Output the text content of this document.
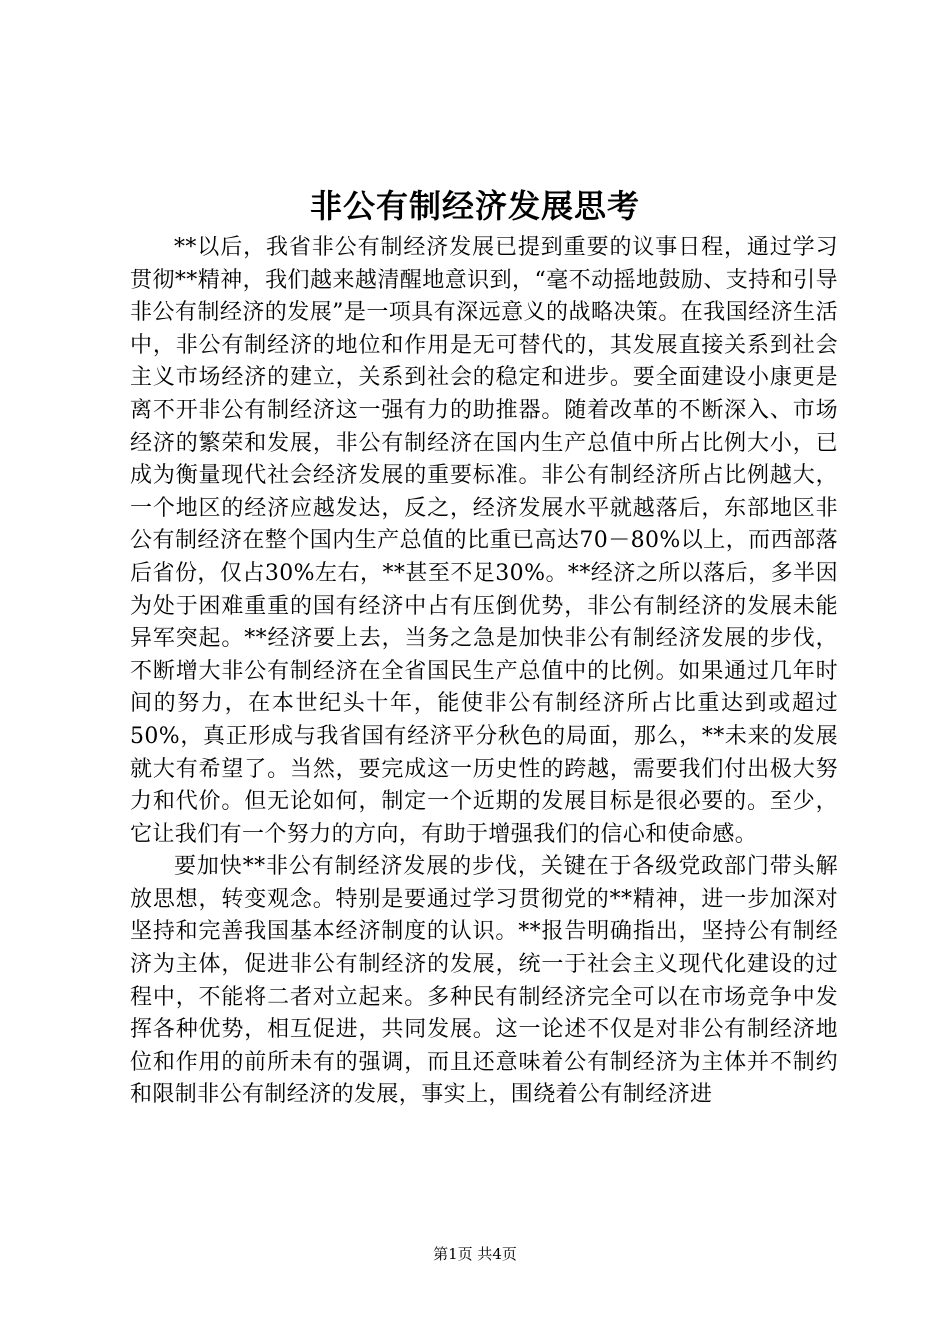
非公有制经济发展思考

**以后，我省非公有制经济发展已提到重要的议事日程，通过学习贯彻**精神，我们越来越清醒地意识到，“毫不动摇地鼓励、支持和引导非公有制经济的发展”是一项具有深远意义的战略决策。在我国经济生活中，非公有制经济的地位和作用是无可替代的，其发展直接关系到社会主义市场经济的建立，关系到社会的稳定和进步。要全面建设小康更是离不开非公有制经济这一强有力的助推器。随着改革的不断深入、市场经济的繁荣和发展，非公有制经济在国内生产总值中所占比例大小，已成为衡量现代社会经济发展的重要标准。非公有制经济所占比例越大，一个地区的经济应越发达，反之，经济发展水平就越落后，东部地区非公有制经济在整个国内生产总值的比重已高达70－80%以上，而西部落后省份，仅占30%左右，**甚至不足30%。**经济之所以落后，多半因为处于困难重重的国有经济中占有压倒优势，非公有制经济的发展未能异军突起。**经济要上去，当务之急是加快非公有制经济发展的步伐，不断增大非公有制经济在全省国民生产总值中的比例。如果通过几年时间的努力，在本世纪头十年，能使非公有制经济所占比重达到或超过50%，真正形成与我省国有经济平分秋色的局面，那么，**未来的发展就大有希望了。当然，要完成这一历史性的跨越，需要我们付出极大努力和代价。但无论如何，制定一个近期的发展目标是很必要的。至少，它让我们有一个努力的方向，有助于增强我们的信心和使命感。

要加快**非公有制经济发展的步伐，关键在于各级党政部门带头解放思想，转变观念。特别是要通过学习贯彻党的**精神，进一步加深对坚持和完善我国基本经济制度的认识。**报告明确指出，坚持公有制经济为主体，促进非公有制经济的发展，统一于社会主义现代化建设的过程中，不能将二者对立起来。多种民有制经济完全可以在市场竞争中发挥各种优势，相互促进，共同发展。这一论述不仅是对非公有制经济地位和作用的前所未有的强调，而且还意味着公有制经济为主体并不制约和限制非公有制经济的发展，事实上，围绕着公有制经济进

第1页 共4页
